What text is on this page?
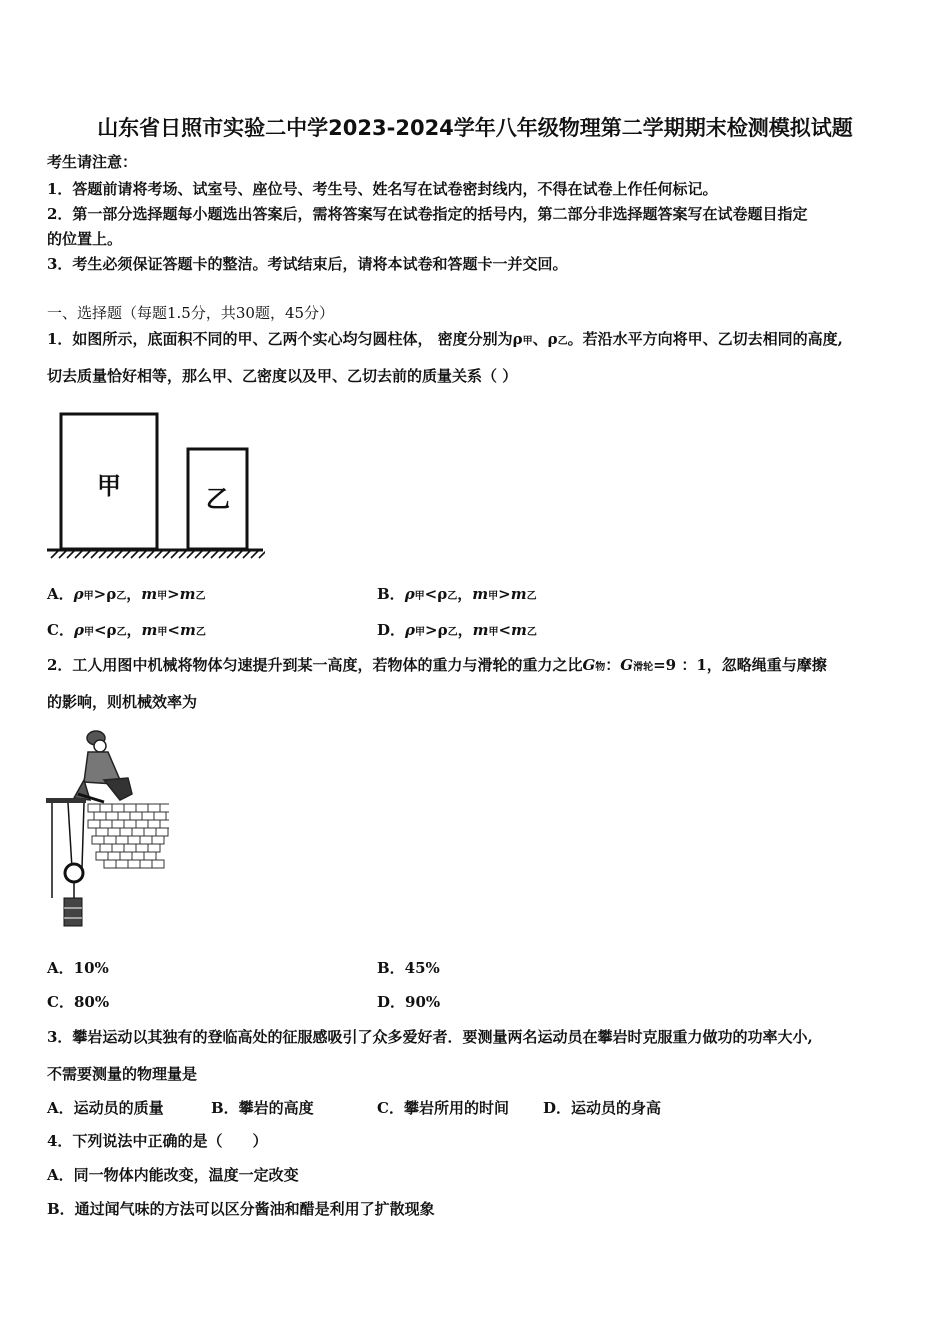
山东省日照市实验二中学2023-2024学年八年级物理第二学期期末检测模拟试题
考生请注意：
1．答题前请将考场、试室号、座位号、考生号、姓名写在试卷密封线内，不得在试卷上作任何标记。
2．第一部分选择题每小题选出答案后，需将答案写在试卷指定的括号内，第二部分非选择题答案写在试卷题目指定
的位置上。
3．考生必须保证答题卡的整洁。考试结束后，请将本试卷和答题卡一并交回。
一、选择题（每题1.5分，共30题，45分）
1．如图所示，底面积不同的甲、乙两个实心均匀圆柱体， 密度分别为ρ甲、ρ乙。若沿水平方向将甲、乙切去相同的高度,
切去质量恰好相等，那么甲、乙密度以及甲、乙切去前的质量关系（ ）
甲	乙
A．ρ甲>ρ乙，m甲>m乙	B．ρ甲<ρ乙，m甲>m乙
C．ρ甲<ρ乙，m甲<m乙	D．ρ甲>ρ乙，m甲<m乙
2．工人用图中机械将物体匀速提升到某一高度，若物体的重力与滑轮的重力之比G物：G滑轮=9 ：1，忽略绳重与摩擦
的影响，则机械效率为
A．10%	B．45%
C．80%	D．90%
3．攀岩运动以其独有的登临高处的征服感吸引了众多爱好者．要测量两名运动员在攀岩时克服重力做功的功率大小,
不需要测量的物理量是
A．运动员的质量	B．攀岩的高度	C．攀岩所用的时间 D．运动员的身高
4．下列说法中正确的是（　　）
A．同一物体内能改变，温度一定改变
B．通过闻气味的方法可以区分酱油和醋是利用了扩散现象
